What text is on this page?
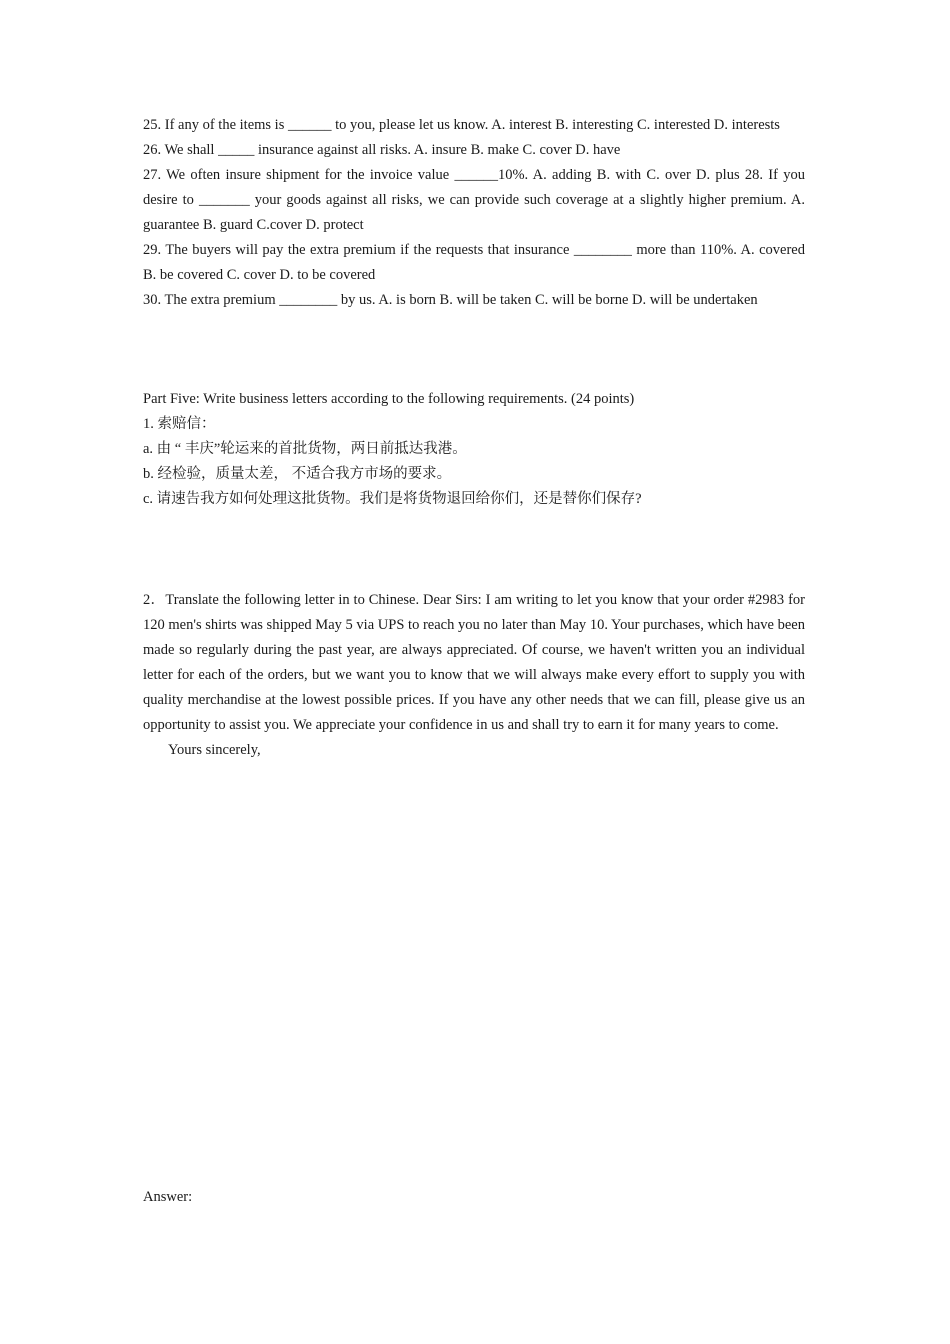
25. If any of the items is ______ to you, please let us know. A. interest B. interesting C. interested D. interests

26. We shall _____ insurance against all risks. A. insure B. make C. cover D. have

27. We often insure shipment for the invoice value ______10%. A. adding B. with C. over D. plus 28. If you desire to _______ your goods against all risks, we can provide such coverage at a slightly higher premium. A. guarantee B. guard C.cover D. protect

29. The buyers will pay the extra premium if the requests that insurance ________ more than 110%. A. covered B. be covered C. cover D. to be covered

30. The extra premium ________ by us. A. is born B. will be taken C. will be borne D. will be undertaken

Part Five: Write business letters according to the following requirements. (24 points)

1. 索赔信：

a. 由 “ 丰庆”轮运来的首批货物，两日前抵达我港。

b. 经检验，质量太差， 不适合我方市场的要求。

c. 请速告我方如何处理这批货物。我们是将货物退回给你们，还是替你们保存?

2．Translate the following letter in to Chinese. Dear Sirs: I am writing to let you know that your order #2983 for 120 men's shirts was shipped May 5 via UPS to reach you no later than May 10. Your purchases, which have been made so regularly during the past year, are always appreciated. Of course, we haven't written you an individual letter for each of the orders, but we want you to know that we will always make every effort to supply you with quality merchandise at the lowest possible prices. If you have any other needs that we can fill, please give us an opportunity to assist you. We appreciate your confidence in us and shall try to earn it for many years to come.

Yours sincerely,

Answer:
